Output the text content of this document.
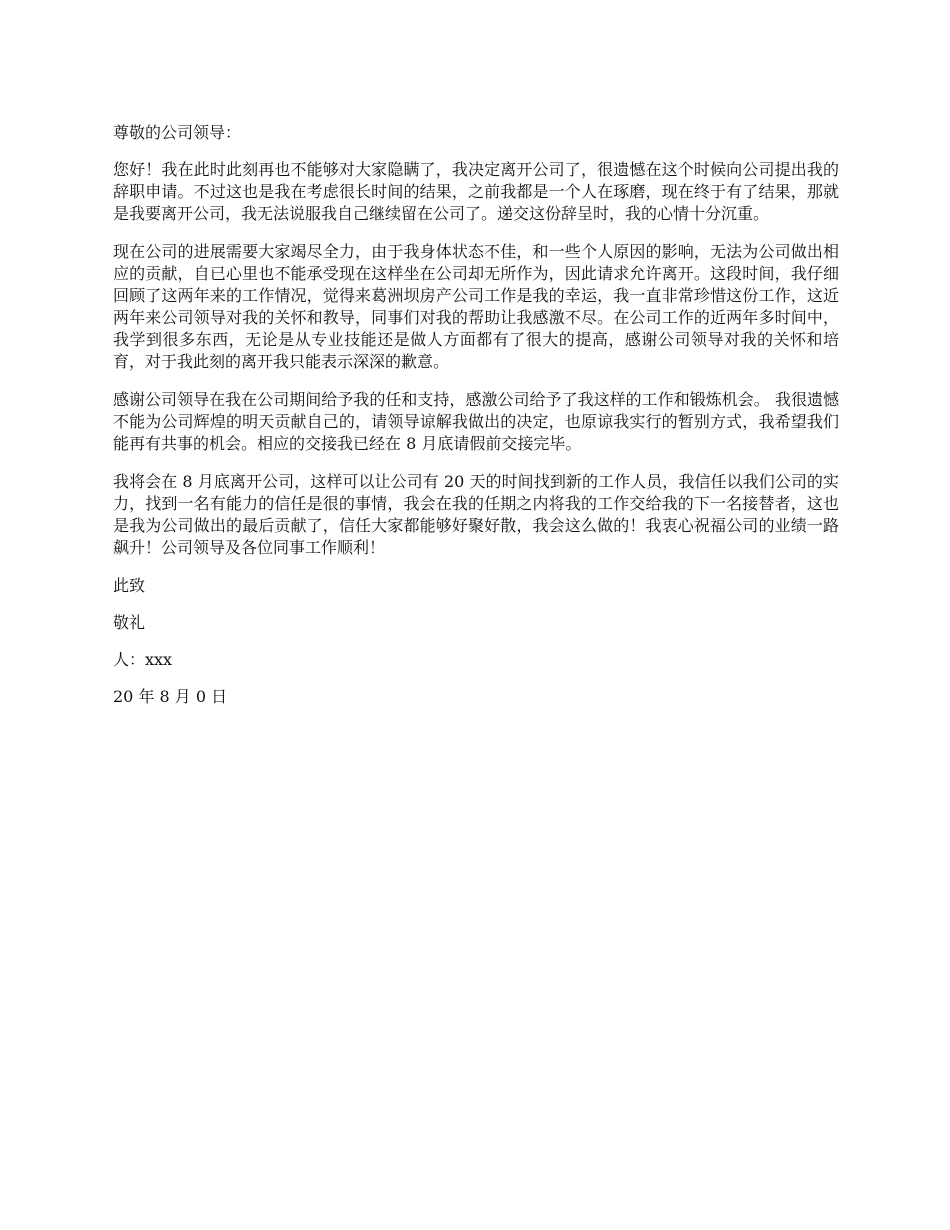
尊敬的公司领导：

您好！我在此时此刻再也不能够对大家隐瞒了，我决定离开公司了，很遗憾在这个时候向公司提出我的辞职申请。不过这也是我在考虑很长时间的结果，之前我都是一个人在琢磨，现在终于有了结果，那就是我要离开公司，我无法说服我自己继续留在公司了。递交这份辞呈时，我的心情十分沉重。

现在公司的进展需要大家竭尽全力，由于我身体状态不佳，和一些个人原因的影响，无法为公司做出相应的贡献，自已心里也不能承受现在这样坐在公司却无所作为，因此请求允许离开。这段时间，我仔细回顾了这两年来的工作情况，觉得来葛洲坝房产公司工作是我的幸运，我一直非常珍惜这份工作，这近两年来公司领导对我的关怀和教导，同事们对我的帮助让我感激不尽。在公司工作的近两年多时间中，我学到很多东西，无论是从专业技能还是做人方面都有了很大的提高，感谢公司领导对我的关怀和培育，对于我此刻的离开我只能表示深深的歉意。

感谢公司领导在我在公司期间给予我的任和支持，感激公司给予了我这样的工作和锻炼机会。 我很遗憾不能为公司辉煌的明天贡献自己的，请领导谅解我做出的决定，也原谅我实行的暂别方式，我希望我们能再有共事的机会。相应的交接我已经在 8 月底请假前交接完毕。

我将会在 8 月底离开公司，这样可以让公司有 20 天的时间找到新的工作人员，我信任以我们公司的实力，找到一名有能力的信任是很的事情，我会在我的任期之内将我的工作交给我的下一名接替者，这也是我为公司做出的最后贡献了，信任大家都能够好聚好散，我会这么做的！我衷心祝福公司的业绩一路飙升！公司领导及各位同事工作顺利！

此致

敬礼

人：xxx

20 年 8 月 0 日
